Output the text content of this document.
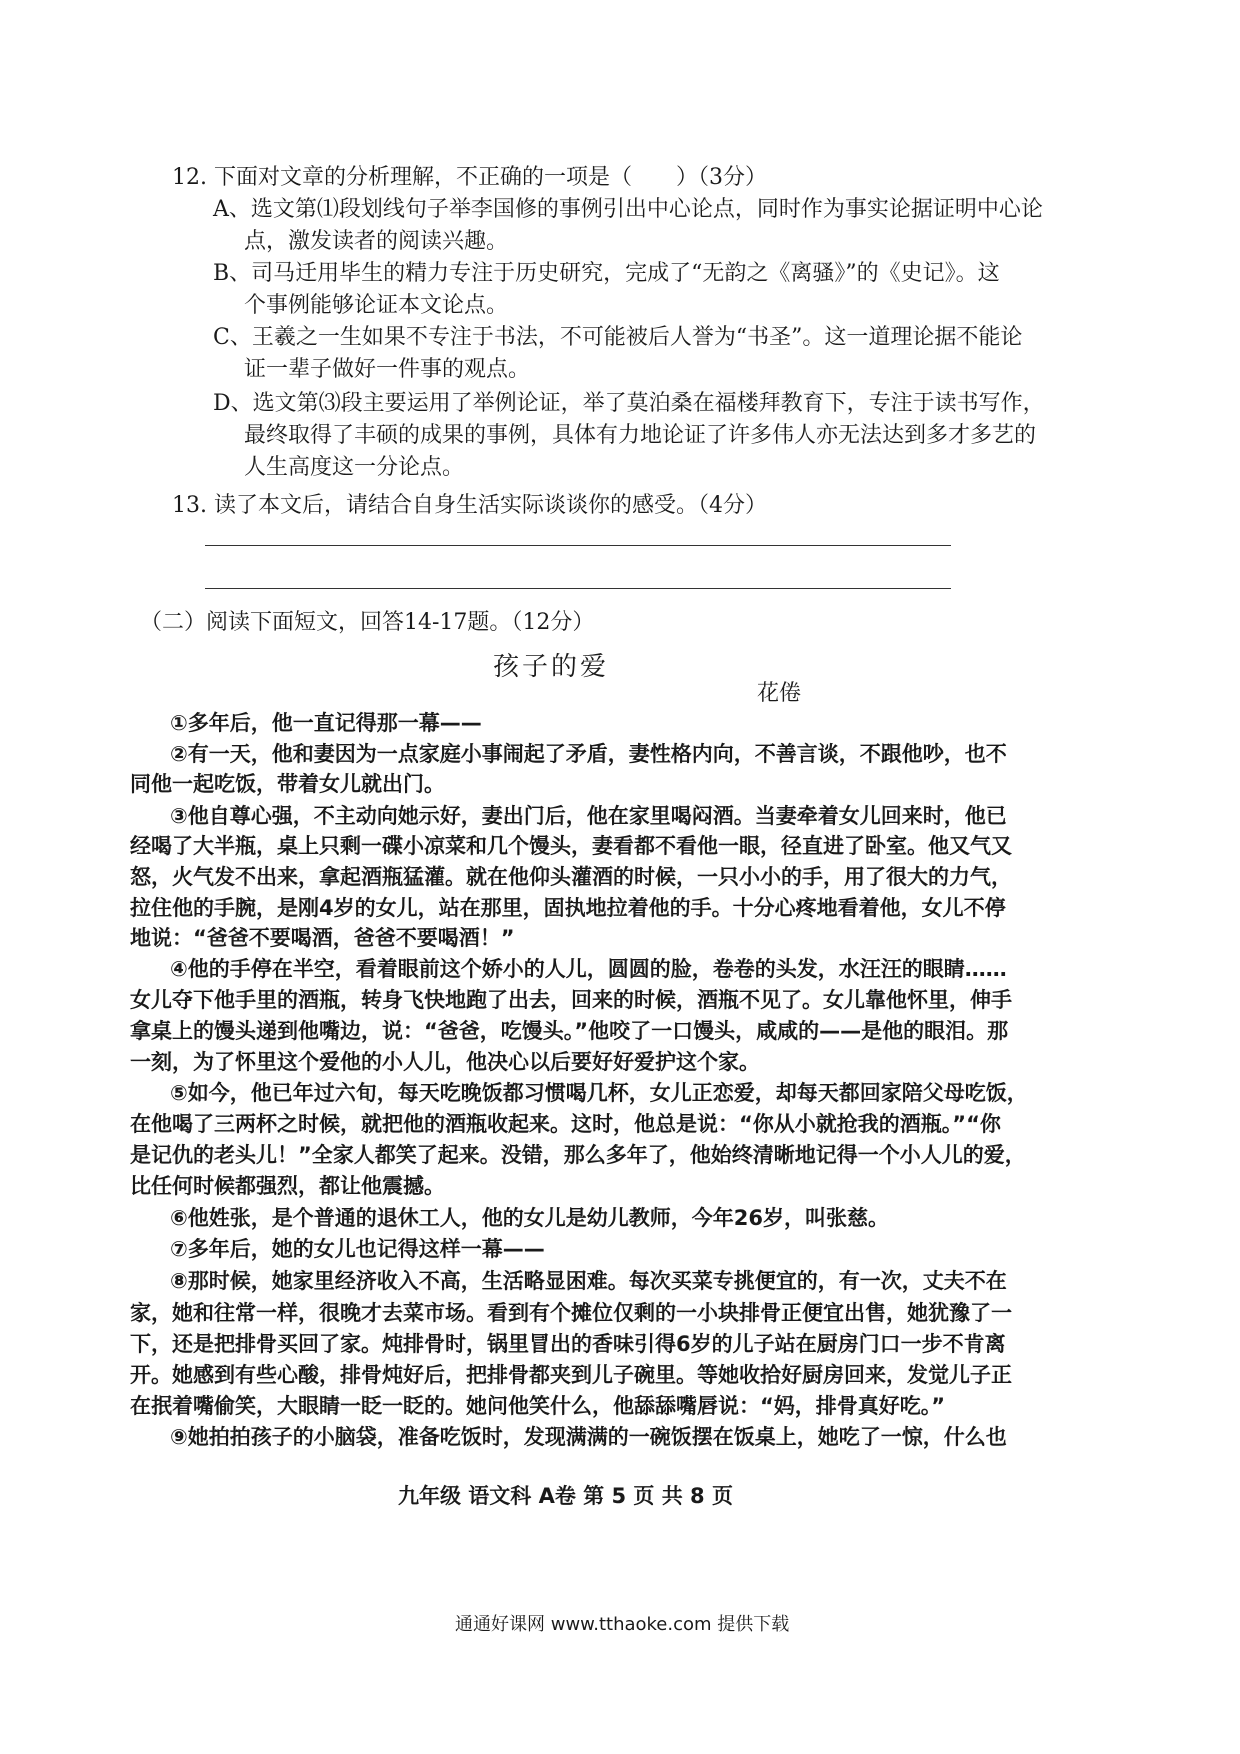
12. 下面对文章的分析理解，不正确的一项是（　　）（3分）
A、选文第⑴段划线句子举李国修的事例引出中心论点，同时作为事实论据证明中心论
点，激发读者的阅读兴趣。
B、司马迁用毕生的精力专注于历史研究，完成了“无韵之《离骚》”的《史记》。这
个事例能够论证本文论点。
C、王羲之一生如果不专注于书法，不可能被后人誉为“书圣”。这一道理论据不能论
证一辈子做好一件事的观点。
D、选文第⑶段主要运用了举例论证，举了莫泊桑在福楼拜教育下，专注于读书写作，
最终取得了丰硕的成果的事例，具体有力地论证了许多伟人亦无法达到多才多艺的
人生高度这一分论点。
13. 读了本文后，请结合自身生活实际谈谈你的感受。（4分）
（二）阅读下面短文，回答14-17题。（12分）
孩子的爱
花倦
①多年后，他一直记得那一幕——
②有一天，他和妻因为一点家庭小事闹起了矛盾，妻性格内向，不善言谈，不跟他吵，也不
同他一起吃饭，带着女儿就出门。
③他自尊心强，不主动向她示好，妻出门后，他在家里喝闷酒。当妻牵着女儿回来时，他已
经喝了大半瓶，桌上只剩一碟小凉菜和几个馒头，妻看都不看他一眼，径直进了卧室。他又气又
怒，火气发不出来，拿起酒瓶猛灌。就在他仰头灌酒的时候，一只小小的手，用了很大的力气，
拉住他的手腕，是刚4岁的女儿，站在那里，固执地拉着他的手。十分心疼地看着他，女儿不停
地说：“爸爸不要喝酒，爸爸不要喝酒！”
④他的手停在半空，看着眼前这个娇小的人儿，圆圆的脸，卷卷的头发，水汪汪的眼睛……
女儿夺下他手里的酒瓶，转身飞快地跑了出去，回来的时候，酒瓶不见了。女儿靠他怀里，伸手
拿桌上的馒头递到他嘴边，说：“爸爸，吃馒头。”他咬了一口馒头，咸咸的——是他的眼泪。那
一刻，为了怀里这个爱他的小人儿，他决心以后要好好爱护这个家。
⑤如今，他已年过六旬，每天吃晚饭都习惯喝几杯，女儿正恋爱，却每天都回家陪父母吃饭，
在他喝了三两杯之时候，就把他的酒瓶收起来。这时，他总是说：“你从小就抢我的酒瓶。”“你
是记仇的老头儿！”全家人都笑了起来。没错，那么多年了，他始终清晰地记得一个小人儿的爱，
比任何时候都强烈，都让他震撼。
⑥他姓张，是个普通的退休工人，他的女儿是幼儿教师，今年26岁，叫张慈。
⑦多年后，她的女儿也记得这样一幕——
⑧那时候，她家里经济收入不高，生活略显困难。每次买菜专挑便宜的，有一次，丈夫不在
家，她和往常一样，很晚才去菜市场。看到有个摊位仅剩的一小块排骨正便宜出售，她犹豫了一
下，还是把排骨买回了家。炖排骨时，锅里冒出的香味引得6岁的儿子站在厨房门口一步不肯离
开。她感到有些心酸，排骨炖好后，把排骨都夹到儿子碗里。等她收拾好厨房回来，发觉儿子正
在抿着嘴偷笑，大眼睛一眨一眨的。她问他笑什么，他舔舔嘴唇说：“妈，排骨真好吃。”
⑨她拍拍孩子的小脑袋，准备吃饭时，发现满满的一碗饭摆在饭桌上，她吃了一惊，什么也
九年级 语文科 A卷 第 5 页 共 8 页
通通好课网 www.tthaoke.com 提供下载
